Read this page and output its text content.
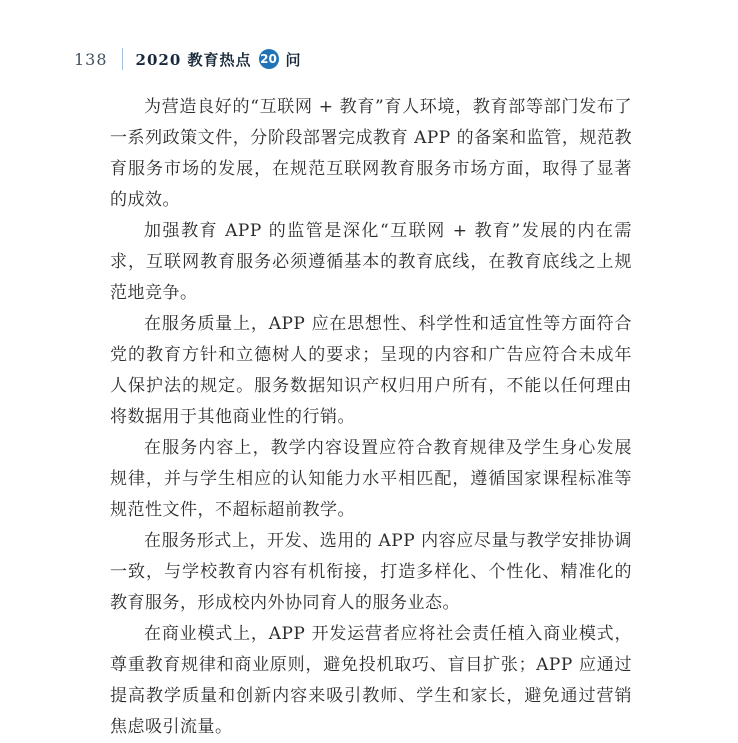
138 2020 教育热点 20 问

为营造良好的“互联网 + 教育”育人环境，教育部等部门发布了一系列政策文件，分阶段部署完成教育 APP 的备案和监管，规范教育服务市场的发展，在规范互联网教育服务市场方面，取得了显著的成效。

加强教育 APP 的监管是深化“互联网 + 教育”发展的内在需求，互联网教育服务必须遵循基本的教育底线，在教育底线之上规范地竞争。

在服务质量上，APP 应在思想性、科学性和适宜性等方面符合党的教育方针和立德树人的要求；呈现的内容和广告应符合未成年人保护法的规定。服务数据知识产权归用户所有，不能以任何理由将数据用于其他商业性的行销。

在服务内容上，教学内容设置应符合教育规律及学生身心发展规律，并与学生相应的认知能力水平相匹配，遵循国家课程标准等规范性文件，不超标超前教学。

在服务形式上，开发、选用的 APP 内容应尽量与教学安排协调一致，与学校教育内容有机衔接，打造多样化、个性化、精准化的教育服务，形成校内外协同育人的服务业态。

在商业模式上，APP 开发运营者应将社会责任植入商业模式，尊重教育规律和商业原则，避免投机取巧、盲目扩张；APP 应通过提高教学质量和创新内容来吸引教师、学生和家长，避免通过营销焦虑吸引流量。
